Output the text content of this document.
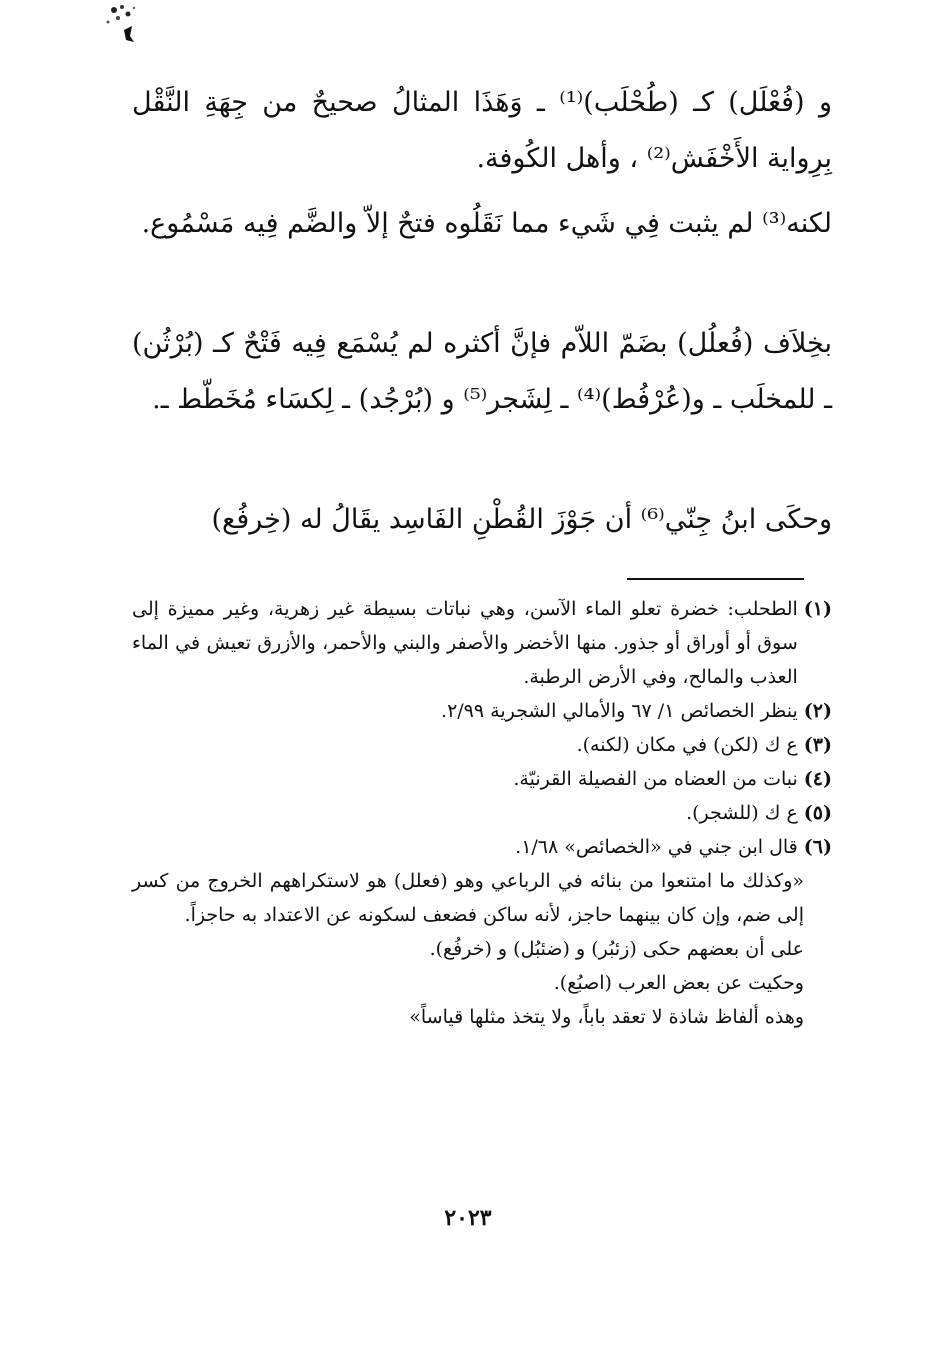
و (فُعْلَل) كـ (طُحْلَب)⁽¹⁾ ـ وَهَذَا المثالُ صحيحٌ من جِهَةِ النَّقْل بِرِواية الأَخْفَش⁽²⁾ ، وأهل الكُوفة.

لكنه⁽³⁾ لم يثبت فِي شَيء مما نَقَلُوه فتحٌ إلاّ والضَّم فِيه مَسْمُوع.

بخِلاَف (فُعلُل) بضَمّ اللاّم فإنَّ أكثره لم يُسْمَع فِيه فَتْحٌ كـ (بُرْثُن) ـ للمخلَب ـ و(عُرْفُط)⁽⁴⁾ ـ لِشَجر⁽⁵⁾ و (بُرْجُد) ـ لِكسَاء مُخَطّط ـ.

وحكَى ابنُ جِنّي⁽⁶⁾ أن جَوْزَ القُطْنِ الفَاسِد يقَالُ له (خِرفُع)

(١)
الطحلب: خضرة تعلو الماء الآسن، وهي نباتات بسيطة غير زهرية، وغير مميزة إلى سوق أو أوراق أو جذور. منها الأخضر والأصفر والبني والأحمر، والأزرق تعيش في الماء العذب والمالح، وفي الأرض الرطبة.
(٢)
ينظر الخصائص ١/ ٦٧ والأمالي الشجرية ٢/٩٩.
(٣)
ع ك (لكن) في مكان (لكنه).
(٤)
نبات من العضاه من الفصيلة القرنيّة.
(٥)
ع ك (للشجر).
(٦)
قال ابن جني في «الخصائص» ١/٦٨.

«وكذلك ما امتنعوا من بنائه في الرباعي وهو (فعلل) هو لاستكراههم الخروج من كسر إلى ضم، وإن كان بينهما حاجز، لأنه ساكن فضعف لسكونه عن الاعتداد به حاجزاً.

على أن بعضهم حكى (زئبُر) و (ضئبُل) و (خرفُع).

وحكيت عن بعض العرب (اصبُع).

وهذه ألفاظ شاذة لا تعقد باباً، ولا يتخذ مثلها قياساً»

٢٠٢٣
